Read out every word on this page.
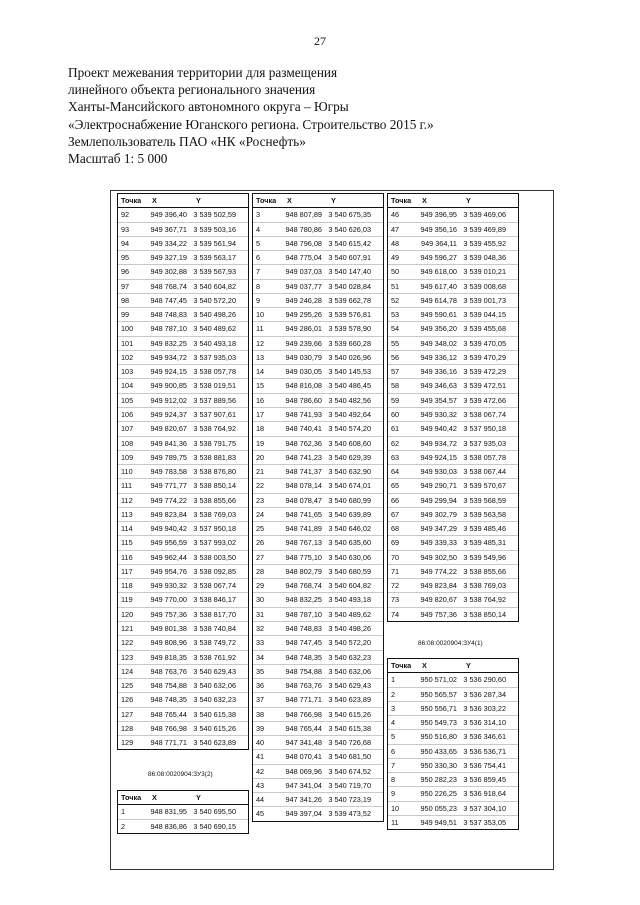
27
Проект межевания территории для размещения
линейного объекта регионального значения
Ханты-Мансийского автономного округа – Югры
«Электроснабжение Юганского региона. Строительство 2015 г.»
Землепользователь ПАО «НК «Роснефть»
Масштаб 1: 5 000
Точка	X	Y
92	949 396,40 3 539 502,59
93	949 367,71 3 539 503,16
94	949 334,22 3 539 561,94
95	949 327,19 3 539 563,17
96	949 302,88 3 539 567,93
97	948 768,74 3 540 604,82
98	948 747,45 3 540 572,20
99	948 748,83 3 540 498,26
100	948 787,10 3 540 489,62
101	949 832,25 3 540 493,18
102	949 934,72 3 537 935,03
103	949 924,15 3 538 057,78
104	949 900,85 3 538 019,51
105	949 912,02 3 537 889,56
106	949 924,37 3 537 907,61
107	949 820,67 3 538 764,92
108	949 841,36 3 538 791,75
109	949 789,75 3 538 881,83
110	949 783,58 3 538 876,80
111	949 771,77 3 538 850,14
112	949 774,22 3 538 855,66
113	949 823,84 3 538 769,03
114	949 940,42 3 537 950,18
115	949 956,59 3 537 993,02
116	949 962,44 3 538 003,50
117	949 954,76 3 538 092,85
118	949 930,32 3 538 067,74
119	949 770,00 3 538 846,17
120	949 757,36 3 538 817,70
121	949 801,38 3 538 740,84
122	949 808,96 3 538 749,72
123	949 818,35 3 538 761,92
124	948 763,76 3 540 629,43
125	948 754,88 3 540 632,06
126	948 748,35 3 540 632,23
127	948 765,44 3 540 615,38
128	948 766,98 3 540 615,26
129	948 771,71 3 540 623,89
86:08:0020904:ЗУ3(2)
Точка	X	Y
1	948 831,95 3 540 695,50
2	948 836,86 3 540 690,15
Точка	X	Y
3	948 807,89 3 540 675,35
4	948 780,86 3 540 626,03
5	948 796,08 3 540 615,42
6	948 775,04 3 540 607,91
7	949 037,03 3 540 147,40
8	949 037,77 3 540 028,84
9	949 246,28 3 539 662,78
10	949 295,26 3 539 576,81
11	949 286,01 3 539 578,90
12	949 239,66 3 539 660,28
13	949 030,79 3 540 026,96
14	949 030,05 3 540 145,53
15	948 816,08 3 540 486,45
16	948 786,60 3 540 482,56
17	948 741,93 3 540 492,64
18	948 740,41 3 540 574,20
19	948 762,36 3 540 608,60
20	948 741,23 3 540 629,39
21	948 741,37 3 540 632,90
22	948 078,14 3 540 674,01
23	948 078,47 3 540 680,99
24	948 741,65 3 540 639,89
25	948 741,89 3 540 646,02
26	948 767,13 3 540 635,60
27	948 775,10 3 540 630,06
28	948 802,79 3 540 680,59
29	948 768,74 3 540 604,82
30	948 832,25 3 540 493,18
31	948 787,10 3 540 489,62
32	948 748,83 3 540 498,26
33	948 747,45 3 540 572,20
34	948 748,35 3 540 632,23
35	948 754,88 3 540 632,06
36	948 763,76 3 540 629,43
37	948 771,71 3 540 623,89
38	948 766,98 3 540 615,26
39	948 765,44 3 540 615,38
40	947 341,48 3 540 726,68
41	948 070,41 3 540 681,50
42	948 069,96 3 540 674,52
43	947 341,04 3 540 719,70
44	947 341,26 3 540 723,19
45	949 397,04 3 539 473,52
Точка	X	Y
46	949 396,95 3 539 469,06
47	949 356,16 3 539 469,89
48	949 364,11 3 539 455,92
49	949 596,27 3 539 048,36
50	949 618,00 3 539 010,21
51	949 617,40 3 539 008,68
52	949 614,78 3 539 001,73
53	949 590,61 3 539 044,15
54	949 356,20 3 539 455,68
55	949 348,02 3 539 470,05
56	949 336,12 3 539 470,29
57	949 336,16 3 539 472,29
58	949 346,63 3 539 472,51
59	949 354,57 3 539 472,66
60	949 930,32 3 538 067,74
61	949 940,42 3 537 950,18
62	949 934,72 3 537 935,03
63	949 924,15 3 538 057,78
64	949 930,03 3 538 067,44
65	949 290,71 3 539 570,67
66	949 299,94 3 539 568,59
67	949 302,79 3 539 563,58
68	949 347,29 3 539 485,46
69	949 339,33 3 539 485,31
70	949 302,50 3 539 549,96
71	949 774,22 3 538 855,66
72	949 823,84 3 538 769,03
73	949 820,67 3 538 764,92
74	949 757,36 3 538 850,14
86:08:0020904:ЗУ4(1)
Точка	X	Y
1	950 571,02 3 536 290,60
2	950 565,57 3 536 287,34
3	950 556,71 3 536 303,22
4	950 549,73 3 536 314,10
5	950 516,80 3 536 346,61
6	950 433,65 3 536 536,71
7	950 330,30 3 536 754,41
8	950 282,23 3 536 859,45
9	950 226,25 3 536 918,64
10	950 055,23 3 537 304,10
11	949 949,51 3 537 353,05
